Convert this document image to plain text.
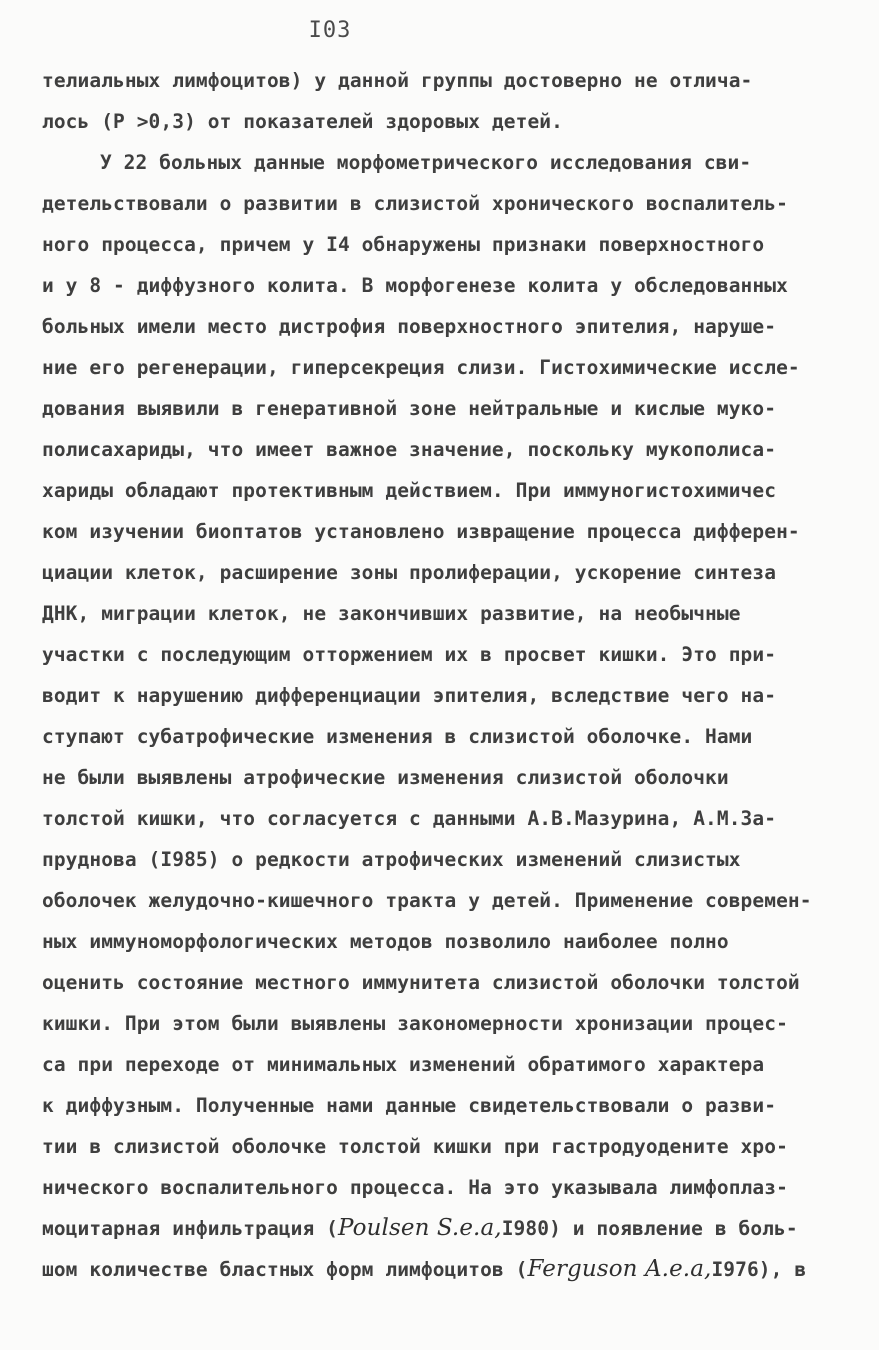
I03
телиальных лимфоцитов) у данной группы достоверно не отлича-
лось (Р >0,3) от показателей здоровых детей.
У 22 больных данные морфометрического исследования сви-
детельствовали о развитии в слизистой хронического воспалитель-
ного процесса, причем у I4 обнаружены признаки поверхностного
и у 8 - диффузного колита. В морфогенезе колита у обследованных
больных имели место дистрофия поверхностного эпителия, наруше-
ние его регенерации, гиперсекреция слизи. Гистохимические иссле-
дования выявили в генеративной зоне нейтральные и кислые муко-
полисахариды, что имеет важное значение, поскольку мукополиса-
хариды обладают протективным действием. При иммуногистохимичес
ком изучении биоптатов установлено извращение процесса дифферен-
циации клеток, расширение зоны пролиферации, ускорение синтеза
ДНК, миграции клеток, не закончивших развитие, на необычные
участки с последующим отторжением их в просвет кишки. Это при-
водит к нарушению дифференциации эпителия, вследствие чего на-
ступают субатрофические изменения в слизистой оболочке. Нами
не были выявлены атрофические изменения слизистой оболочки
толстой кишки, что согласуется с данными А.В.Мазурина, А.М.За-
пруднова (I985) о редкости атрофических изменений слизистых
оболочек желудочно-кишечного тракта у детей. Применение современ-
ных иммуноморфологических методов позволило наиболее полно
оценить состояние местного иммунитета слизистой оболочки толстой
кишки. При этом были выявлены закономерности хронизации процес-
са при переходе от минимальных изменений обратимого характера
к диффузным. Полученные нами данные свидетельствовали о разви-
тии в слизистой оболочке толстой кишки при гастродуодените хро-
нического воспалительного процесса. На это указывала лимфоплаз-
моцитарная инфильтрация (Poulsen S.e.a,I980) и появление в боль-
шом количестве бластных форм лимфоцитов (Ferguson A.e.a,I976), в
